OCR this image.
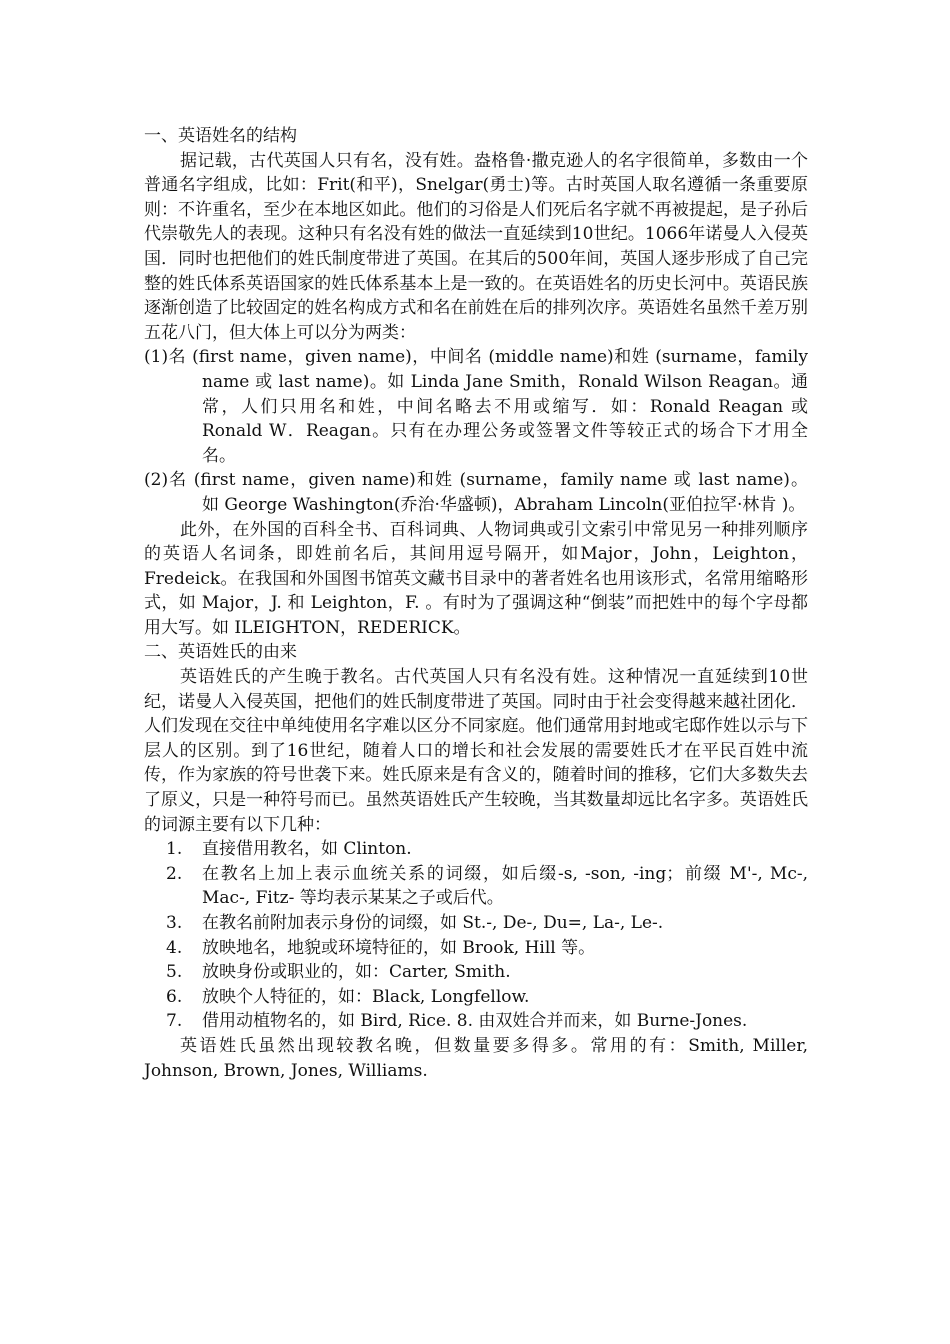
一、英语姓名的结构

据记载，古代英国人只有名，没有姓。盎格鲁·撒克逊人的名字很简单，多数由一个普通名字组成，比如：Frit(和平)，Snelgar(勇士)等。古时英国人取名遵循一条重要原则：不许重名，至少在本地区如此。他们的习俗是人们死后名字就不再被提起，是子孙后代崇敬先人的表现。这种只有名没有姓的做法一直延续到10世纪。1066年诺曼人入侵英国．同时也把他们的姓氏制度带进了英国。在其后的500年间，英国人逐步形成了自己完整的姓氏体系英语国家的姓氏体系基本上是一致的。在英语姓名的历史长河中。英语民族逐渐创造了比较固定的姓名构成方式和名在前姓在后的排列次序。英语姓名虽然千差万别五花八门，但大体上可以分为两类：

(1)名 (first name，given name)，中间名 (middle name)和姓 (surname，family name 或 last name)。如 Linda Jane Smith，Ronald Wilson Reagan。通常，人们只用名和姓，中间名略去不用或缩写．如：Ronald Reagan 或 Ronald W．Reagan。只有在办理公务或签署文件等较正式的场合下才用全名。

(2)名 (first name，given name)和姓 (surname，family name 或 last name)。 如 George Washington(乔治·华盛顿)，Abraham Lincoln(亚伯拉罕·林肯 )。

此外，在外国的百科全书、百科词典、人物词典或引文索引中常见另一种排列顺序的英语人名词条，即姓前名后，其间用逗号隔开，如Major，John，Leighton，Fredeick。在我国和外国图书馆英文藏书目录中的著者姓名也用该形式，名常用缩略形式，如 Major，J. 和 Leighton，F. 。有时为了强调这种“倒装”而把姓中的每个字母都用大写。如 ILEIGHTON，REDERICK。

二、英语姓氏的由来

英语姓氏的产生晚于教名。古代英国人只有名没有姓。这种情况一直延续到10世纪，诺曼人入侵英国，把他们的姓氏制度带进了英国。同时由于社会变得越来越社团化．人们发现在交往中单纯使用名字难以区分不同家庭。他们通常用封地或宅邸作姓以示与下层人的区别。到了16世纪，随着人口的增长和社会发展的需要姓氏才在平民百姓中流传，作为家族的符号世袭下来。姓氏原来是有含义的，随着时间的推移，它们大多数失去了原义，只是一种符号而已。虽然英语姓氏产生较晚，当其数量却远比名字多。英语姓氏的词源主要有以下几种：

1. 直接借用教名，如 Clinton.

2. 在教名上加上表示血统关系的词缀，如后缀-s, -son, -ing；前缀 M'-, Mc-, Mac-, Fitz- 等均表示某某之子或后代。

3. 在教名前附加表示身份的词缀，如 St.-, De-, Du=, La-, Le-.

4. 放映地名，地貌或环境特征的，如 Brook, Hill 等。

5. 放映身份或职业的，如：Carter, Smith.

6. 放映个人特征的，如：Black, Longfellow.

7. 借用动植物名的，如 Bird, Rice. 8. 由双姓合并而来，如 Burne-Jones.

英语姓氏虽然出现较教名晚，但数量要多得多。常用的有：Smith, Miller, Johnson, Brown, Jones, Williams.
